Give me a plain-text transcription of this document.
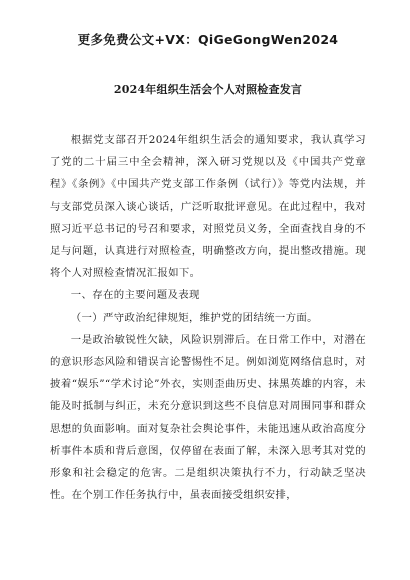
更多免费公文+VX：QiGeGongWen2024

2024年组织生活会个人对照检查发言

根据党支部召开2024年组织生活会的通知要求，我认真学习了党的二十届三中全会精神，深入研习党规以及《中国共产党章程》《条例》《中国共产党支部工作条例（试行）》等党内法规，并与支部党员深入谈心谈话，广泛听取批评意见。在此过程中，我对照习近平总书记的号召和要求，对照党员义务，全面查找自身的不足与问题，认真进行对照检查，明确整改方向，提出整改措施。现将个人对照检查情况汇报如下。

一、存在的主要问题及表现

（一）严守政治纪律规矩，维护党的团结统一方面。

一是政治敏锐性欠缺，风险识别滞后。在日常工作中，对潜在的意识形态风险和错误言论警惕性不足。例如浏览网络信息时，对披着“娱乐”“学术讨论”外衣，实则歪曲历史、抹黑英雄的内容，未能及时抵制与纠正，未充分意识到这些不良信息对周围同事和群众思想的负面影响。面对复杂社会舆论事件，未能迅速从政治高度分析事件本质和背后意图，仅停留在表面了解，未深入思考其对党的形象和社会稳定的危害。二是组织决策执行不力，行动缺乏坚决性。在个别工作任务执行中，虽表面接受组织安排，
